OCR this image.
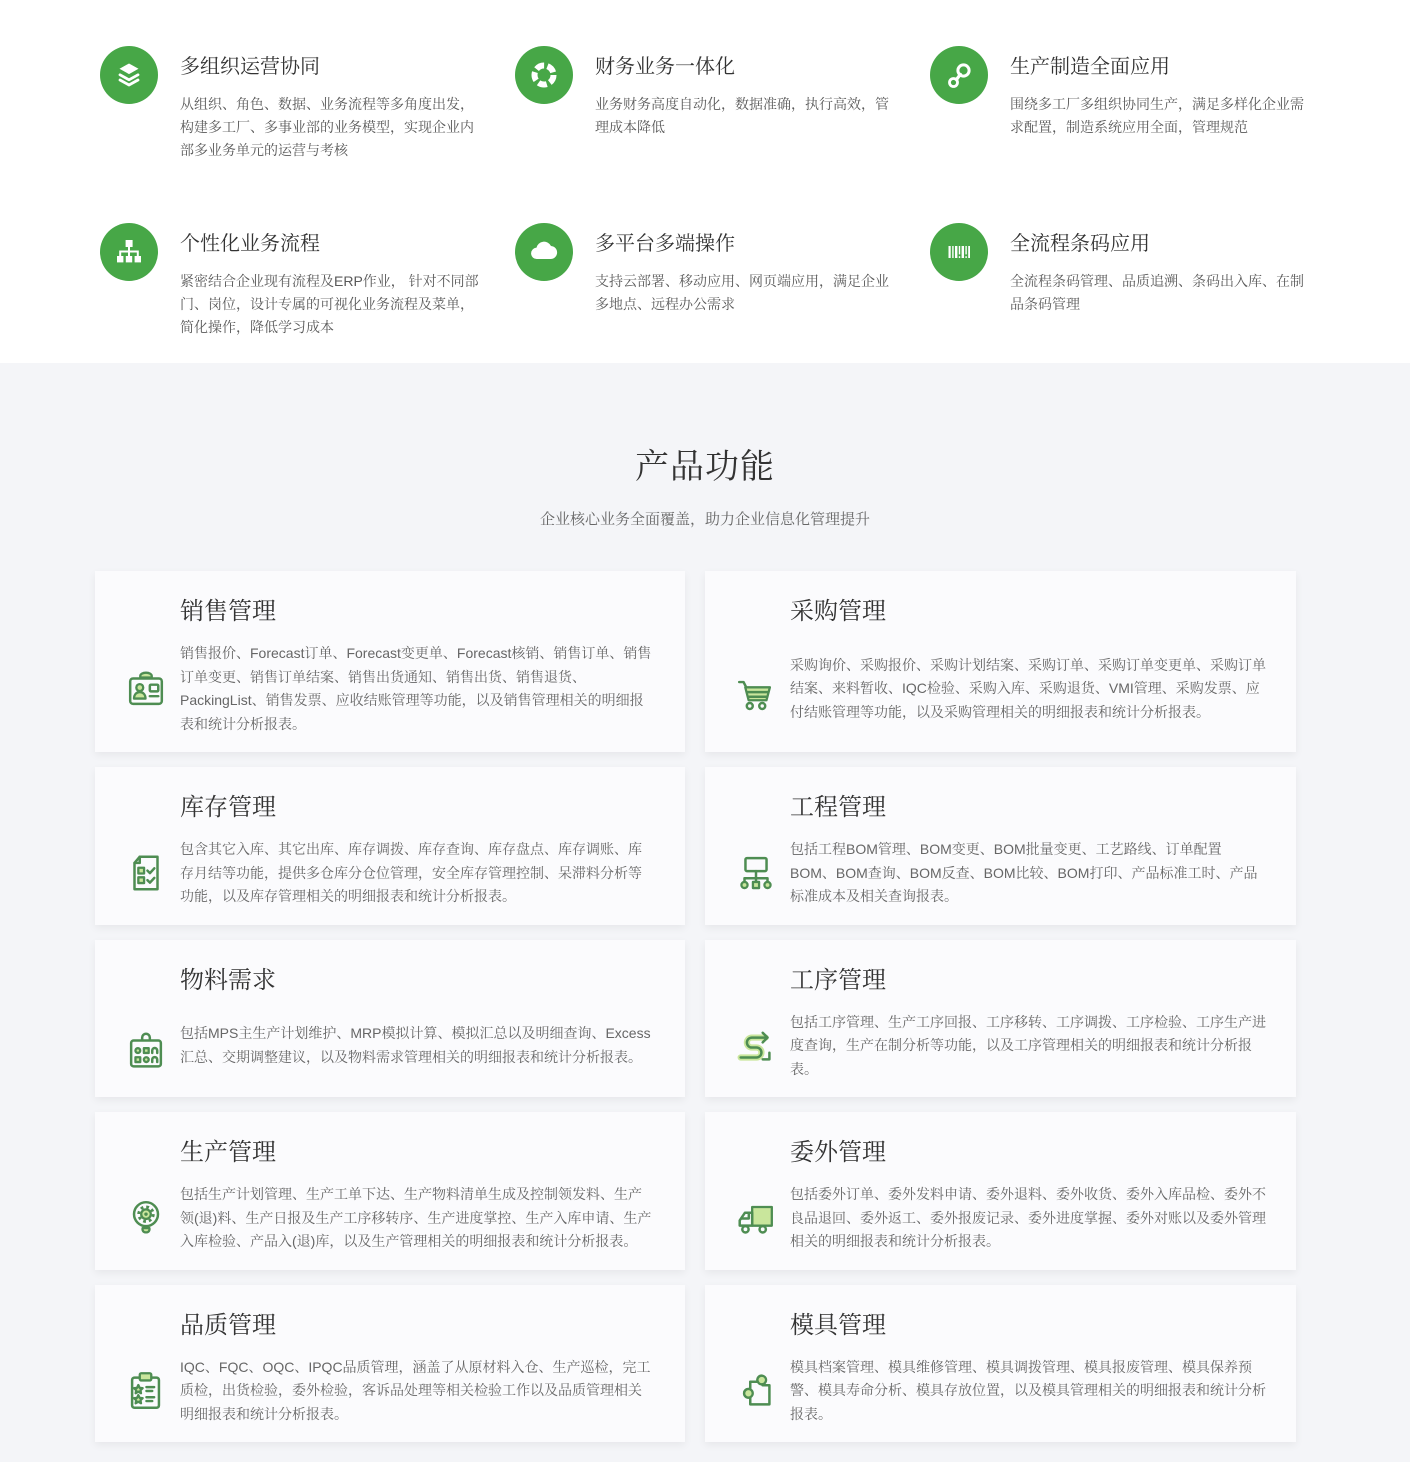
多组织运营协同

从组织、角色、数据、业务流程等多角度出发，构建多工厂、多事业部的业务模型，实现企业内部多业务单元的运营与考核

财务业务一体化

业务财务高度自动化，数据准确，执行高效，管理成本降低

生产制造全面应用

围绕多工厂多组织协同生产，满足多样化企业需求配置，制造系统应用全面，管理规范

个性化业务流程

紧密结合企业现有流程及ERP作业， 针对不同部门、岗位，设计专属的可视化业务流程及菜单，简化操作，降低学习成本

多平台多端操作

支持云部署、移动应用、网页端应用，满足企业多地点、远程办公需求

全流程条码应用

全流程条码管理、品质追溯、条码出入库、在制品条码管理

产品功能

企业核心业务全面覆盖，助力企业信息化管理提升

销售管理

销售报价、Forecast订单、Forecast变更单、Forecast核销、销售订单、销售订单变更、销售订单结案、销售出货通知、销售出货、销售退货、PackingList、销售发票、应收结账管理等功能，以及销售管理相关的明细报表和统计分析报表。

采购管理

采购询价、采购报价、采购计划结案、采购订单、采购订单变更单、采购订单结案、来料暂收、IQC检验、采购入库、采购退货、VMI管理、采购发票、应付结账管理等功能，以及采购管理相关的明细报表和统计分析报表。

库存管理

包含其它入库、其它出库、库存调拨、库存查询、库存盘点、库存调账、库存月结等功能，提供多仓库分仓位管理，安全库存管理控制、呆滞料分析等功能，以及库存管理相关的明细报表和统计分析报表。

工程管理

包括工程BOM管理、BOM变更、BOM批量变更、工艺路线、订单配置BOM、BOM查询、BOM反查、BOM比较、BOM打印、产品标准工时、产品标准成本及相关查询报表。

物料需求

包括MPS主生产计划维护、MRP模拟计算、模拟汇总以及明细查询、Excess汇总、交期调整建议，以及物料需求管理相关的明细报表和统计分析报表。

工序管理

包括工序管理、生产工序回报、工序移转、工序调拨、工序检验、工序生产进度查询，生产在制分析等功能，以及工序管理相关的明细报表和统计分析报表。

生产管理

包括生产计划管理、生产工单下达、生产物料清单生成及控制领发料、生产领(退)料、生产日报及生产工序移转序、生产进度掌控、生产入库申请、生产入库检验、产品入(退)库，以及生产管理相关的明细报表和统计分析报表。

委外管理

包括委外订单、委外发料申请、委外退料、委外收货、委外入库品检、委外不良品退回、委外返工、委外报废记录、委外进度掌握、委外对账以及委外管理相关的明细报表和统计分析报表。

品质管理

IQC、FQC、OQC、IPQC品质管理，涵盖了从原材料入仓、生产巡检，完工质检，出货检验，委外检验，客诉品处理等相关检验工作以及品质管理相关明细报表和统计分析报表。

模具管理

模具档案管理、模具维修管理、模具调拨管理、模具报废管理、模具保养预警、模具寿命分析、模具存放位置，以及模具管理相关的明细报表和统计分析报表。
